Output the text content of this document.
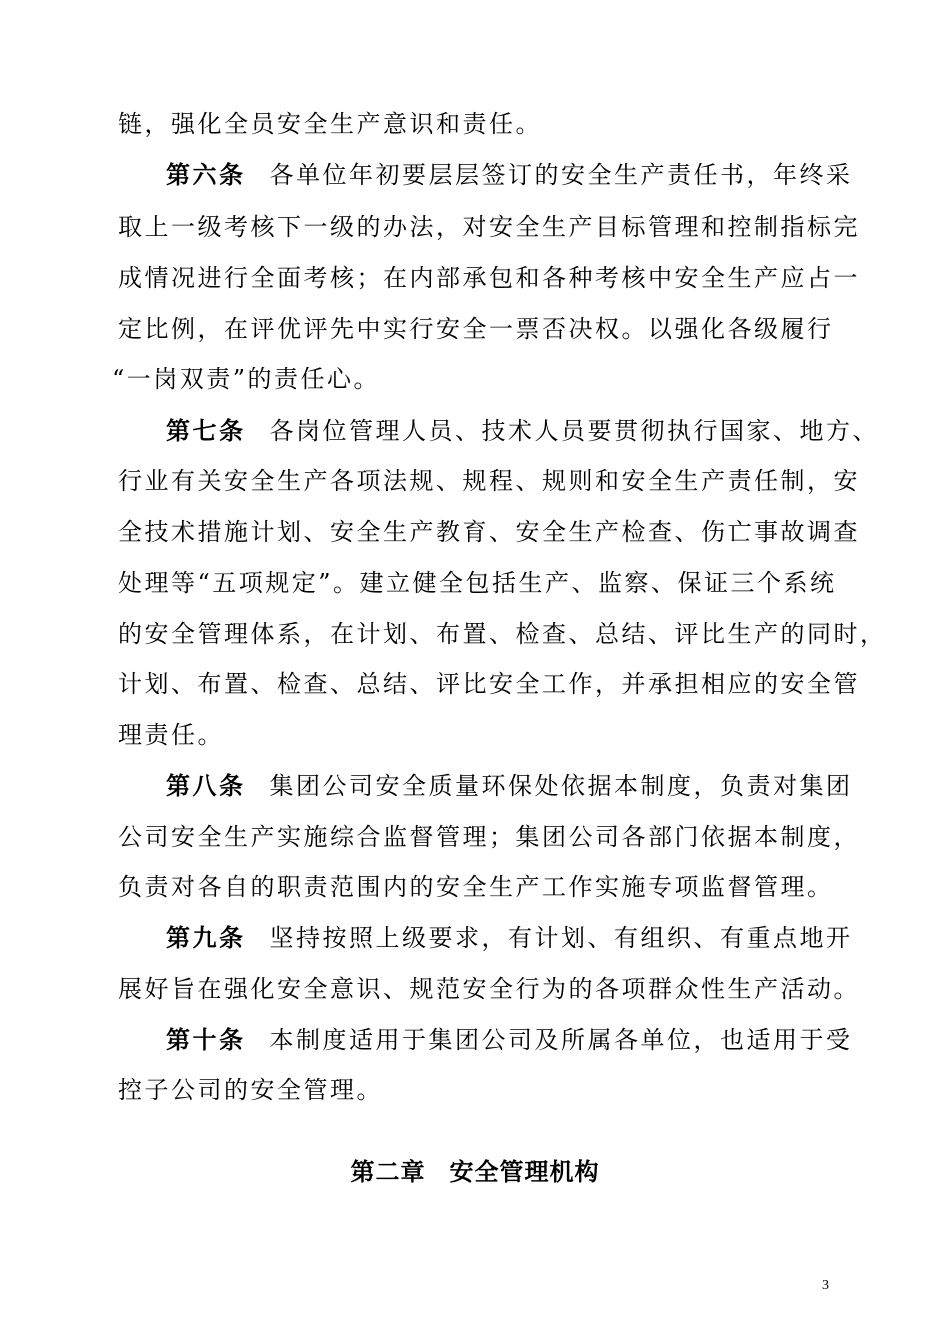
链，强化全员安全生产意识和责任。
第六条 各单位年初要层层签订的安全生产责任书，年终采
取上一级考核下一级的办法，对安全生产目标管理和控制指标完
成情况进行全面考核；在内部承包和各种考核中安全生产应占一
定比例，在评优评先中实行安全一票否决权。以强化各级履行
“一岗双责”的责任心。
第七条 各岗位管理人员、技术人员要贯彻执行国家、地方、
行业有关安全生产各项法规、规程、规则和安全生产责任制，安
全技术措施计划、安全生产教育、安全生产检查、伤亡事故调查
处理等“五项规定”。建立健全包括生产、监察、保证三个系统
的安全管理体系，在计划、布置、检查、总结、评比生产的同时，
计划、布置、检查、总结、评比安全工作，并承担相应的安全管
理责任。
第八条 集团公司安全质量环保处依据本制度，负责对集团
公司安全生产实施综合监督管理；集团公司各部门依据本制度，
负责对各自的职责范围内的安全生产工作实施专项监督管理。
第九条 坚持按照上级要求，有计划、有组织、有重点地开
展好旨在强化安全意识、规范安全行为的各项群众性生产活动。
第十条 本制度适用于集团公司及所属各单位，也适用于受
控子公司的安全管理。
第二章 安全管理机构
3
